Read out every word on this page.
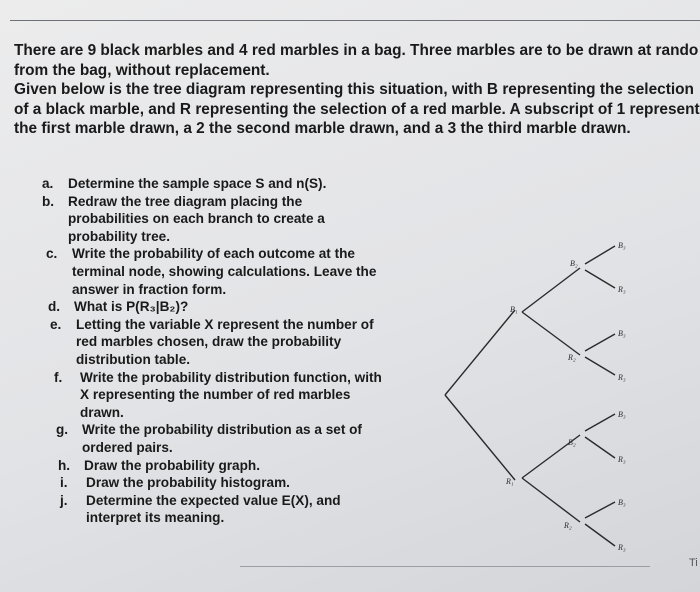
There are 9 black marbles and 4 red marbles in a bag. Three marbles are to be drawn at rando

from the bag, without replacement.

Given below is the tree diagram representing this situation, with B representing the selection

of a black marble, and R representing the selection of a red marble. A subscript of 1 represent

the first marble drawn, a 2 the second marble drawn, and a 3 the third marble drawn.

a.	Determine the sample space S and n(S).
b.	Redraw the tree diagram placing the
probabilities on each branch to create a
probability tree.
c.	Write the probability of each outcome at the
terminal node, showing calculations. Leave the
answer in fraction form.
d.	What is P(R₃|B₂)?
e.	Letting the variable X represent the number of
red marbles chosen, draw the probability
distribution table.
f.	Write the probability distribution function, with
X representing the number of red marbles
drawn.
g.	Write the probability distribution as a set of
ordered pairs.
h.	Draw the probability graph.
i.	Draw the probability histogram.
j.	Determine the expected value E(X), and
interpret its meaning.
B₁
R₁
B₂
R₂
B₂
R₂
B₃
R₃
B₃
R₃
B₃
R₃
B₃
R₃
Ti
